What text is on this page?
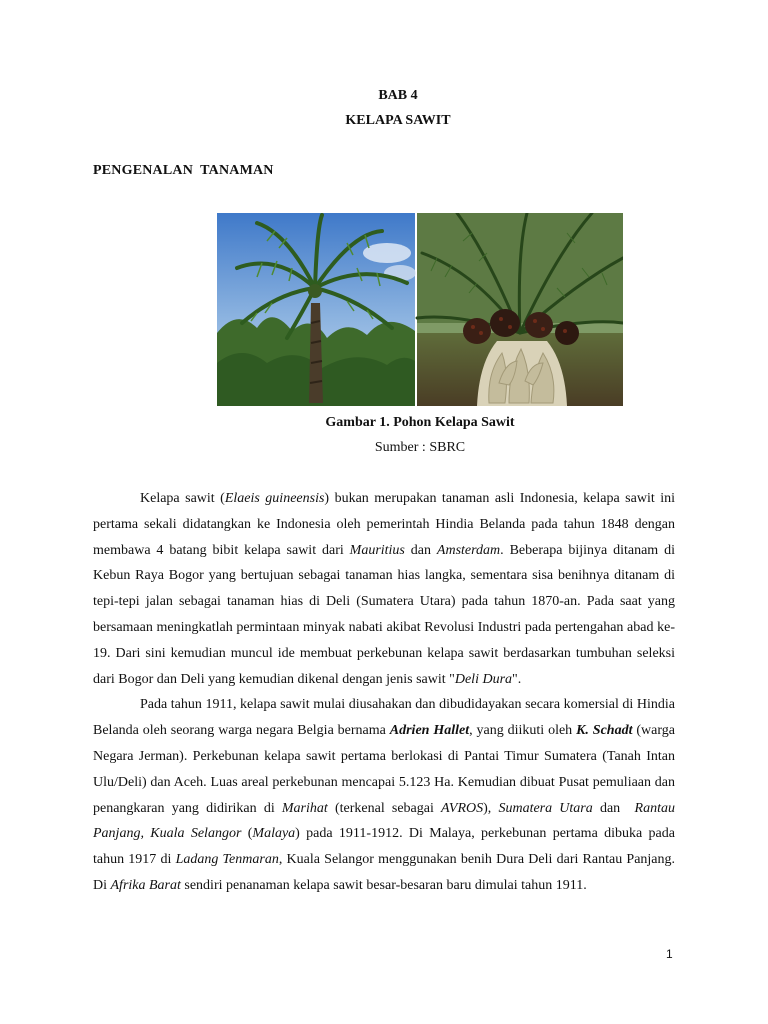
BAB 4
KELAPA SAWIT
PENGENALAN  TANAMAN
Gambar 1. Pohon Kelapa Sawit
Sumber : SBRC

Kelapa sawit (Elaeis guineensis) bukan merupakan tanaman asli Indonesia, kelapa sawit ini pertama sekali didatangkan ke Indonesia oleh pemerintah Hindia Belanda pada tahun 1848 dengan membawa 4 batang bibit kelapa sawit dari Mauritius dan Amsterdam. Beberapa bijinya ditanam di Kebun Raya Bogor yang bertujuan sebagai tanaman hias langka, sementara sisa benihnya ditanam di tepi-tepi jalan sebagai tanaman hias di Deli (Sumatera Utara) pada tahun 1870-an. Pada saat yang bersamaan meningkatlah permintaan minyak nabati akibat Revolusi Industri pada pertengahan abad ke-19. Dari sini kemudian muncul ide membuat perkebunan kelapa sawit berdasarkan tumbuhan seleksi dari Bogor dan Deli yang kemudian dikenal dengan jenis sawit "Deli Dura".

Pada tahun 1911, kelapa sawit mulai diusahakan dan dibudidayakan secara komersial di Hindia Belanda oleh seorang warga negara Belgia bernama Adrien Hallet, yang diikuti oleh K. Schadt (warga Negara Jerman). Perkebunan kelapa sawit pertama berlokasi di Pantai Timur Sumatera (Tanah Intan Ulu/Deli) dan Aceh. Luas areal perkebunan mencapai 5.123 Ha. Kemudian dibuat Pusat pemuliaan dan penangkaran yang didirikan di Marihat (terkenal sebagai AVROS), Sumatera Utara dan  Rantau Panjang, Kuala Selangor (Malaya) pada 1911-1912. Di Malaya, perkebunan pertama dibuka pada tahun 1917 di Ladang Tenmaran, Kuala Selangor menggunakan benih Dura Deli dari Rantau Panjang. Di Afrika Barat sendiri penanaman kelapa sawit besar-besaran baru dimulai tahun 1911.

1
